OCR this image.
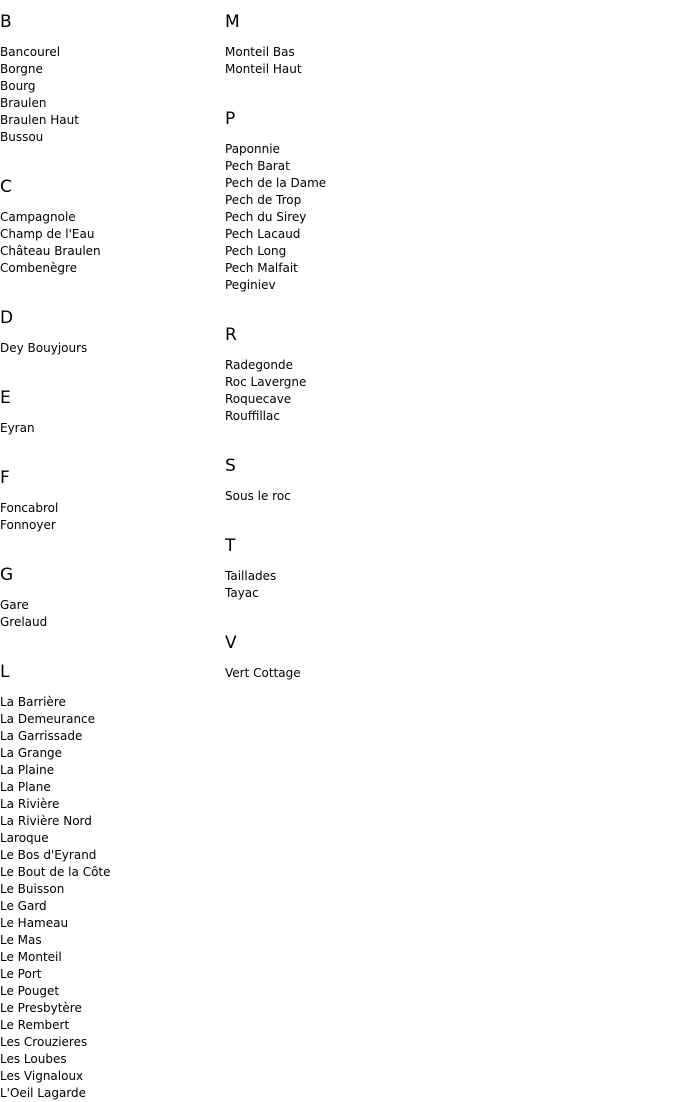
B
Bancourel
Borgne
Bourg
Braulen
Braulen Haut
Bussou
C
Campagnole
Champ de l'Eau
Château Braulen
Combenègre
D
Dey Bouyjours
E
Eyran
F
Foncabrol
Fonnoyer
G
Gare
Grelaud
L
La Barrière
La Demeurance
La Garrissade
La Grange
La Plaine
La Plane
La Rivière
La Rivière Nord
Laroque
Le Bos d'Eyrand
Le Bout de la Côte
Le Buisson
Le Gard
Le Hameau
Le Mas
Le Monteil
Le Port
Le Pouget
Le Presbytère
Le Rembert
Les Crouzieres
Les Loubes
Les Vignaloux
L'Oeil Lagarde
M
Monteil Bas
Monteil Haut
P
Paponnie
Pech Barat
Pech de la Dame
Pech de Trop
Pech du Sirey
Pech Lacaud
Pech Long
Pech Malfait
Peginiev
R
Radegonde
Roc Lavergne
Roquecave
Rouffillac
S
Sous le roc
T
Taillades
Tayac
V
Vert Cottage
